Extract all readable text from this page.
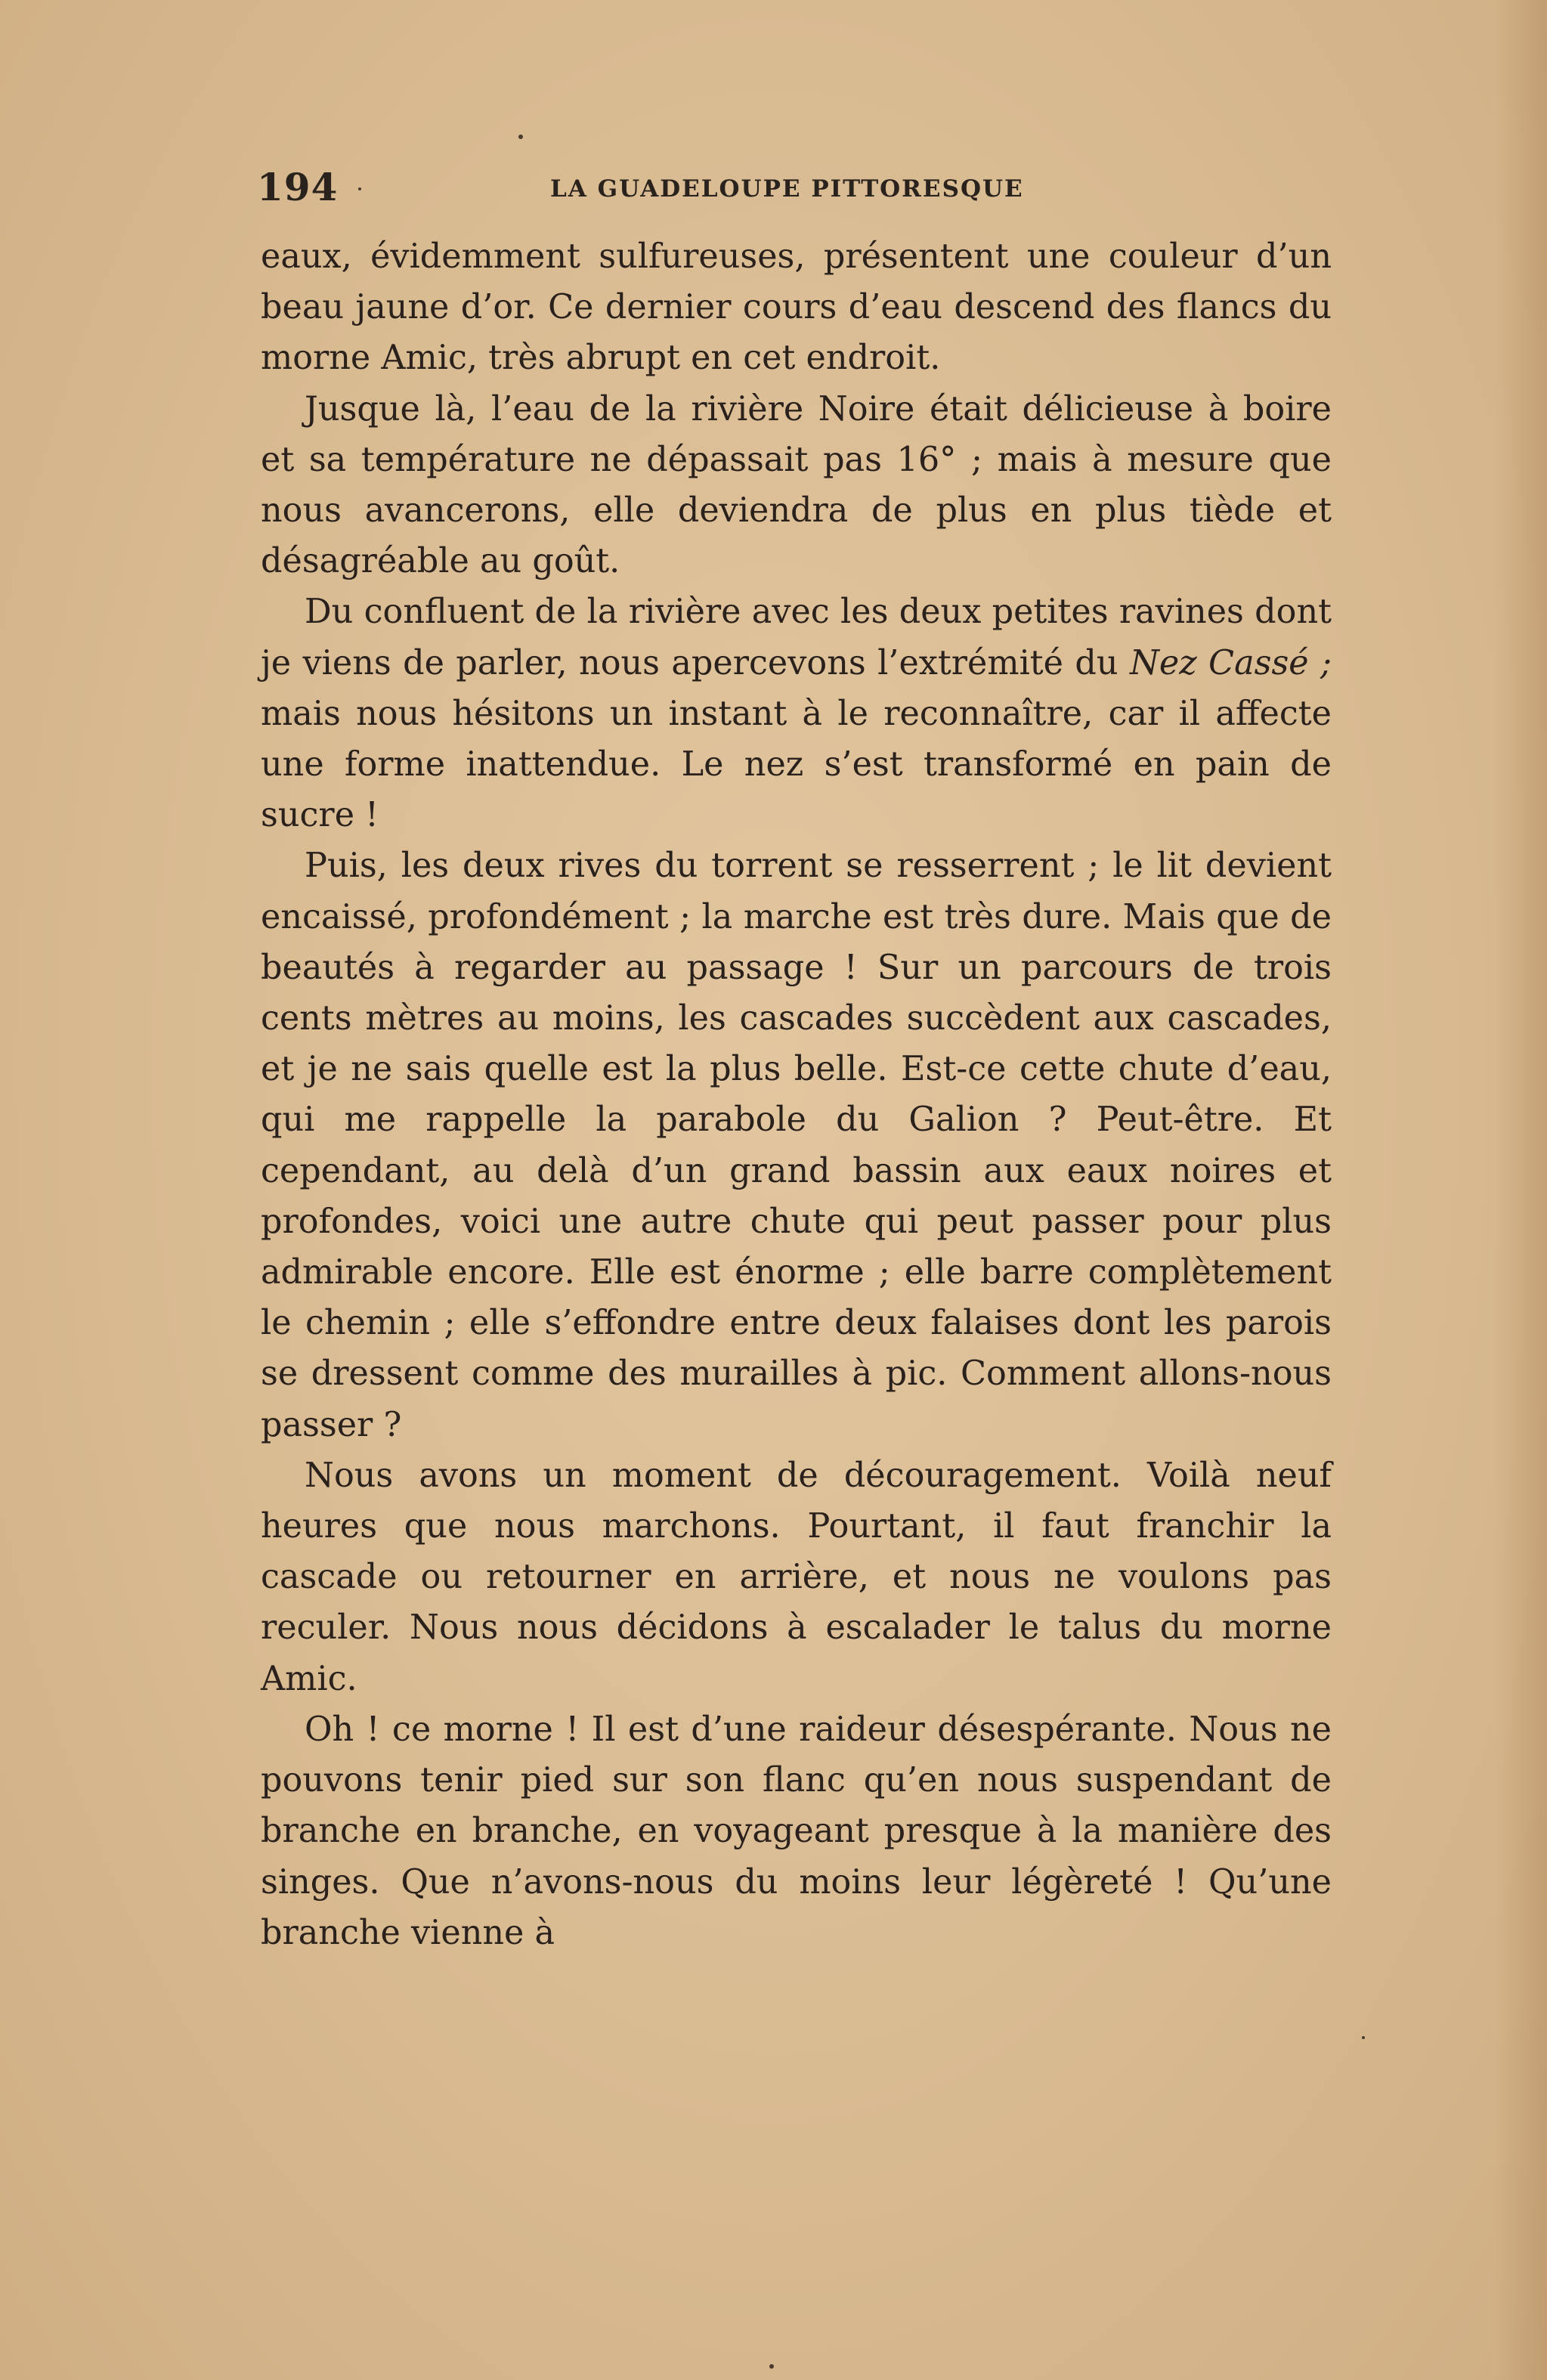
194	LA GUADELOUPE PITTORESQUE

eaux, évidemment sulfureuses, présentent une couleur d’un beau jaune d’or. Ce dernier cours d’eau descend des flancs du morne Amic, très abrupt en cet endroit.

Jusque là, l’eau de la rivière Noire était délicieuse à boire et sa température ne dépassait pas 16° ; mais à mesure que nous avancerons, elle deviendra de plus en plus tiède et désagréable au goût.

Du confluent de la rivière avec les deux petites ravines dont je viens de parler, nous apercevons l’extrémité du Nez Cassé ; mais nous hésitons un instant à le reconnaître, car il affecte une forme inattendue. Le nez s’est transformé en pain de sucre !

Puis, les deux rives du torrent se resserrent ; le lit devient encaissé, profondément ; la marche est très dure. Mais que de beautés à regarder au passage ! Sur un parcours de trois cents mètres au moins, les cascades succèdent aux cascades, et je ne sais quelle est la plus belle. Est-ce cette chute d’eau, qui me rappelle la parabole du Galion ? Peut-être. Et cependant, au delà d’un grand bassin aux eaux noires et profondes, voici une autre chute qui peut passer pour plus admirable encore. Elle est énorme ; elle barre complètement le chemin ; elle s’effondre entre deux falaises dont les parois se dressent comme des murailles à pic. Comment allons-nous passer ?

Nous avons un moment de découragement. Voilà neuf heures que nous marchons. Pourtant, il faut franchir la cascade ou retourner en arrière, et nous ne voulons pas reculer. Nous nous décidons à escalader le talus du morne Amic.

Oh ! ce morne ! Il est d’une raideur désespérante. Nous ne pouvons tenir pied sur son flanc qu’en nous suspendant de branche en branche, en voyageant presque à la manière des singes. Que n’avons-nous du moins leur légèreté ! Qu’une branche vienne à
